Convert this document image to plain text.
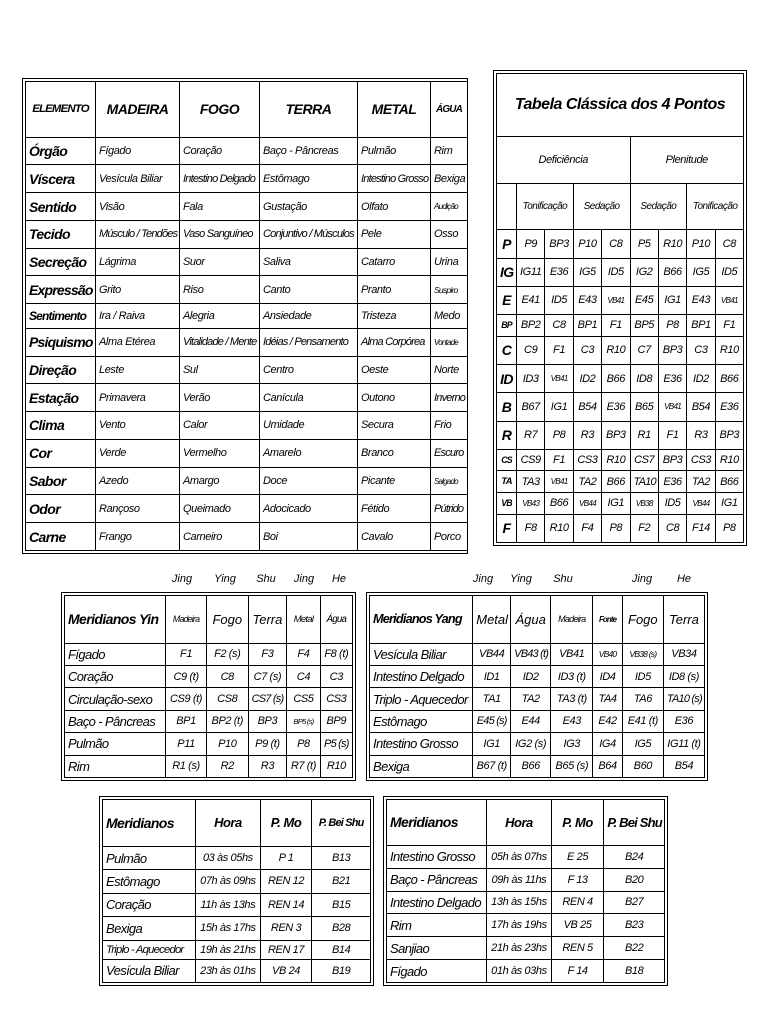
ELEMENTO	MADEIRA	FOGO	TERRA	METAL	ÁGUA
Órgão	Fígado	Coração	Baço - Pâncreas	Pulmão	Rim
Víscera	Vesícula Biliar	Intestino Delgado	Estômago	Intestino Grosso	Bexiga
Sentido	Visão	Fala	Gustação	Olfato	Audição
Tecido	Músculo / Tendões	Vaso Sanguíneo	Conjuntivo / Músculos	Pele	Osso
Secreção	Lágrima	Suor	Saliva	Catarro	Urina
Expressão	Grito	Riso	Canto	Pranto	Suspiro
Sentimento	Ira / Raiva	Alegria	Ansiedade	Tristeza	Medo
Psiquismo	Alma Etérea	Vitalidade / Mente	Idéias / Pensamento	Alma Corpórea	Vontade
Direção	Leste	Sul	Centro	Oeste	Norte
Estação	Primavera	Verão	Canícula	Outono	Inverno
Clima	Vento	Calor	Umidade	Secura	Frio
Cor	Verde	Vermelho	Amarelo	Branco	Escuro
Sabor	Azedo	Amargo	Doce	Picante	Salgado
Odor	Rançoso	Queimado	Adocicado	Fétido	Pútrido
Carne	Frango	Carneiro	Boi	Cavalo	Porco
Tabela Clássica dos 4 Pontos								
Deficiência					Plenitude			
	Tonificação		Sedação		Sedação		Tonificação	
P	P9	BP3	P10	C8	P5	R10	P10	C8
IG	IG11	E36	IG5	ID5	IG2	B66	IG5	ID5
E	E41	ID5	E43	VB41	E45	IG1	E43	VB41
BP	BP2	C8	BP1	F1	BP5	P8	BP1	F1
C	C9	F1	C3	R10	C7	BP3	C3	R10
ID	ID3	VB41	ID2	B66	ID8	E36	ID2	B66
B	B67	IG1	B54	E36	B65	VB41	B54	E36
R	R7	P8	R3	BP3	R1	F1	R3	BP3
CS	CS9	F1	CS3	R10	CS7	BP3	CS3	R10
TA	TA3	VB41	TA2	B66	TA10	E36	TA2	B66
VB	VB43	B66	VB44	IG1	VB38	ID5	VB44	IG1
F	F8	R10	F4	P8	F2	C8	F14	P8
Jing Ying Shu Jing He
Meridianos Yin	Madeira	Fogo	Terra	Metal	Água
Fígado	F1	F2 (s)	F3	F4	F8 (t)
Coração	C9 (t)	C8	C7 (s)	C4	C3
Circulação-sexo	CS9 (t)	CS8	CS7 (s)	CS5	CS3
Baço - Pâncreas	BP1	BP2 (t)	BP3	BP5 (s)	BP9
Pulmão	P11	P10	P9 (t)	P8	P5 (s)
Rim	R1 (s)	R2	R3	R7 (t)	R10
Jing Ying Shu	Jing He
Meridianos Yang	Metal	Água	Madeira	Fonte	Fogo	Terra
Vesícula Biliar	VB44	VB43 (t)	VB41	VB40	VB38 (s)	VB34
Intestino Delgado	ID1	ID2	ID3 (t)	ID4	ID5	ID8 (s)
Triplo - Aquecedor	TA1	TA2	TA3 (t)	TA4	TA6	TA10 (s)
Estômago	E45 (s)	E44	E43	E42	E41 (t)	E36
Intestino Grosso	IG1	IG2 (s)	IG3	IG4	IG5	IG11 (t)
Bexiga	B67 (t)	B66	B65 (s)	B64	B60	B54
Meridianos	Hora	P. Mo	P. Bei Shu
Pulmão	03 às 05hs	P 1	B13
Estômago	07h às 09hs	REN 12	B21
Coração	11h às 13hs	REN 14	B15
Bexiga	15h às 17hs	REN 3	B28
Triplo - Aquecedor	19h às 21hs	REN 17	B14
Vesícula Biliar	23h às 01hs	VB 24	B19
Meridianos	Hora	P. Mo	P. Bei Shu
Intestino Grosso	05h às 07hs	E 25	B24
Baço - Pâncreas	09h às 11hs	F 13	B20
Intestino Delgado	13h às 15hs	REN 4	B27
Rim	17h às 19hs	VB 25	B23
Sanjiao	21h às 23hs	REN 5	B22
Fígado	01h às 03hs	F 14	B18
